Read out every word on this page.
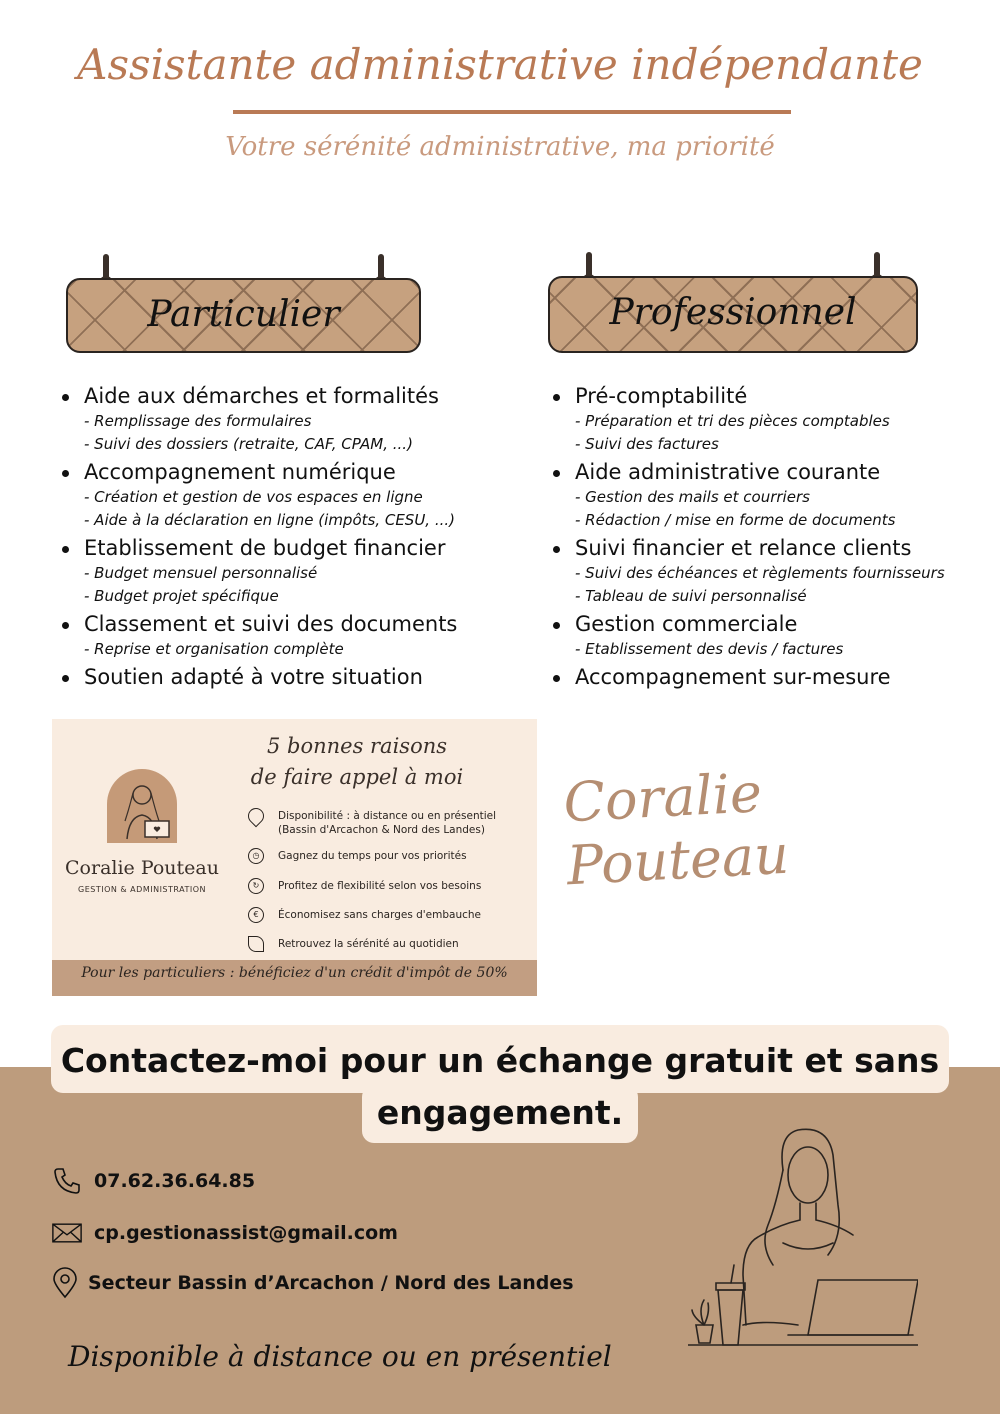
Assistante administrative indépendante
Votre sérénité administrative, ma priorité
Particulier	Professionnel
Aide aux démarches et formalités
- Remplissage des formulaires
- Suivi des dossiers (retraite, CAF, CPAM, ...)
Accompagnement numérique
- Création et gestion de vos espaces en ligne
- Aide à la déclaration en ligne (impôts, CESU, ...)
Etablissement de budget financier
- Budget mensuel personnalisé
- Budget projet spécifique
Classement et suivi des documents
- Reprise et organisation complète
Soutien adapté à votre situation
Pré-comptabilité
- Préparation et tri des pièces comptables
- Suivi des factures
Aide administrative courante
- Gestion des mails et courriers
- Rédaction / mise en forme de documents
Suivi financier et relance clients
- Suivi des échéances et règlements fournisseurs
- Tableau de suivi personnalisé
Gestion commerciale
- Etablissement des devis / factures
Accompagnement sur-mesure
Coralie Pouteau
GESTION & ADMINISTRATION
5 bonnes raisons
de faire appel à moi
Disponibilité : à distance ou en présentiel
(Bassin d'Arcachon & Nord des Landes)
◷	Gagnez du temps pour vos priorités
↻	Profitez de flexibilité selon vos besoins
€	Économisez sans charges d'embauche
Retrouvez la sérénité au quotidien
Pour les particuliers : bénéficiez d'un crédit d'impôt de 50%
Coralie Pouteau
Contactez-moi pour un échange gratuit et sans
engagement.
07.62.36.64.85
cp.gestionassist@gmail.com
Secteur Bassin d’Arcachon / Nord des Landes
Disponible à distance ou en présentiel
